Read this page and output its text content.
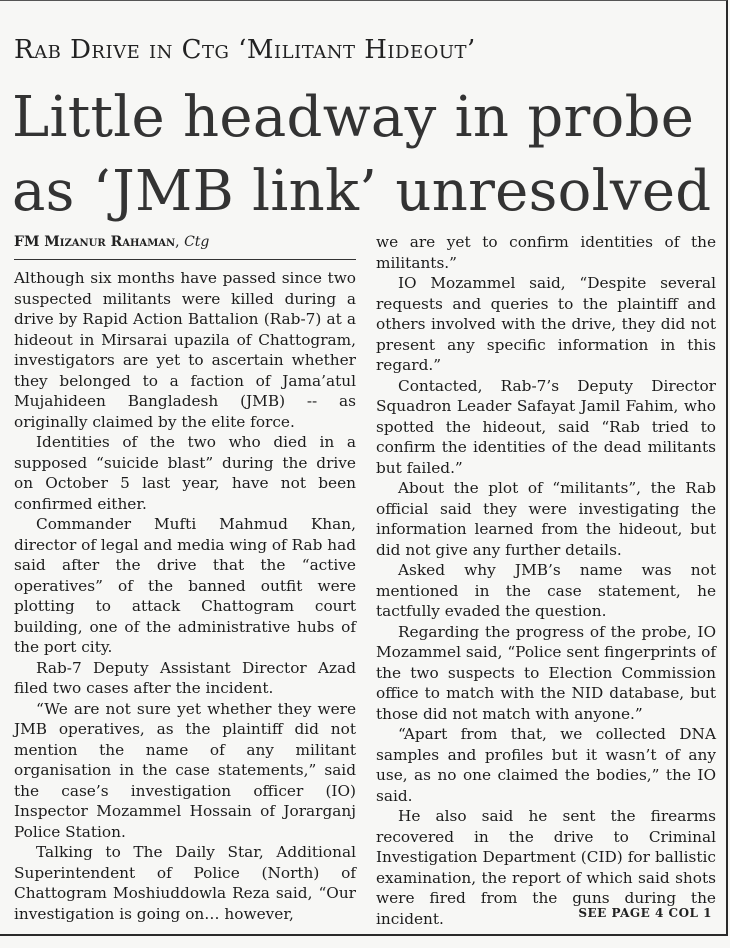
Rab Drive in Ctg ‘Militant Hideout’
Little headway in probe as ‘JMB link’ unresolved
FM Mizanur Rahaman, Ctg

Although six months have passed since two suspected militants were killed during a drive by Rapid Action Battalion (Rab-7) at a hideout in Mirsarai upazila of Chattogram, investigators are yet to ascertain whether they belonged to a faction of Jama’atul Mujahideen Bangladesh (JMB) -- as originally claimed by the elite force.

Identities of the two who died in a supposed “suicide blast” during the drive on October 5 last year, have not been confirmed either.

Commander Mufti Mahmud Khan, director of legal and media wing of Rab had said after the drive that the “active operatives” of the banned outfit were plotting to attack Chattogram court building, one of the administrative hubs of the port city.

Rab-7 Deputy Assistant Director Azad filed two cases after the incident.

“We are not sure yet whether they were JMB operatives, as the plaintiff did not mention the name of any militant organisation in the case statements,” said the case’s investigation officer (IO) Inspector Mozammel Hossain of Jorarganj Police Station.

Talking to The Daily Star, Additional Superintendent of Police (North) of Chattogram Moshiuddowla Reza said, “Our investigation is going on… however,

we are yet to confirm identities of the militants.”

IO Mozammel said, “Despite several requests and queries to the plaintiff and others involved with the drive, they did not present any specific information in this regard.”

Contacted, Rab-7’s Deputy Director Squadron Leader Safayat Jamil Fahim, who spotted the hideout, said “Rab tried to confirm the identities of the dead militants but failed.”

About the plot of “militants”, the Rab official said they were investigating the information learned from the hideout, but did not give any further details.

Asked why JMB’s name was not mentioned in the case statement, he tactfully evaded the question.

Regarding the progress of the probe, IO Mozammel said, “Police sent fingerprints of the two suspects to Election Commission office to match with the NID database, but those did not match with anyone.”

“Apart from that, we collected DNA samples and profiles but it wasn’t of any use, as no one claimed the bodies,” the IO said.

He also said he sent the firearms recovered in the drive to Criminal Investigation Department (CID) for ballistic examination, the report of which said shots were fired from the guns during the incident.	SEE PAGE 4 COL 1
